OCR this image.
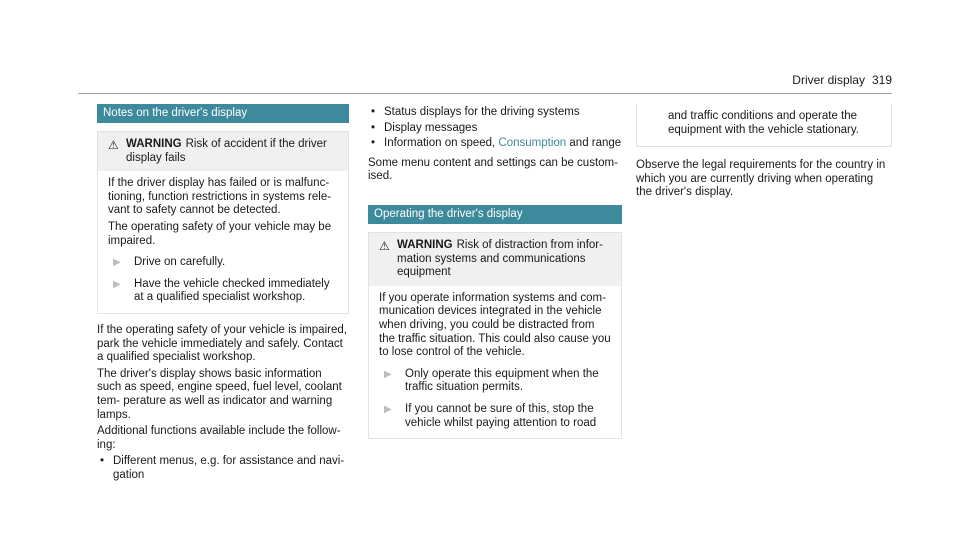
Driver display 319
Notes on the driver's display
⚠ WARNING Risk of accident if the driver display fails

If the driver display has failed or is malfunc‐ tioning, function restrictions in systems rele‐ vant to safety cannot be detected.

The operating safety of your vehicle may be impaired.

▶	Drive on carefully.
▶	Have the vehicle checked immediately at a qualified specialist workshop.

If the operating safety of your vehicle is impaired, park the vehicle immediately and safely. Contact a qualified specialist workshop.

The driver's display shows basic information such as speed, engine speed, fuel level, coolant tem‐ perature as well as indicator and warning lamps.

Additional functions available include the follow‐ ing:

• Different menus, e.g. for assistance and navi‐ gation
• Status displays for the driving systems
• Display messages
• Information on speed, Consumption and range

Some menu content and settings can be custom‐ ised.

Operating the driver's display
⚠ WARNING Risk of distraction from infor‐ mation systems and communications equipment

If you operate information systems and com‐ munication devices integrated in the vehicle when driving, you could be distracted from the traffic situation. This could also cause you to lose control of the vehicle.

▶	Only operate this equipment when the traffic situation permits.
▶	If you cannot be sure of this, stop the vehicle whilst paying attention to road

and traffic conditions and operate the equipment with the vehicle stationary.

Observe the legal requirements for the country in which you are currently driving when operating the driver's display.
